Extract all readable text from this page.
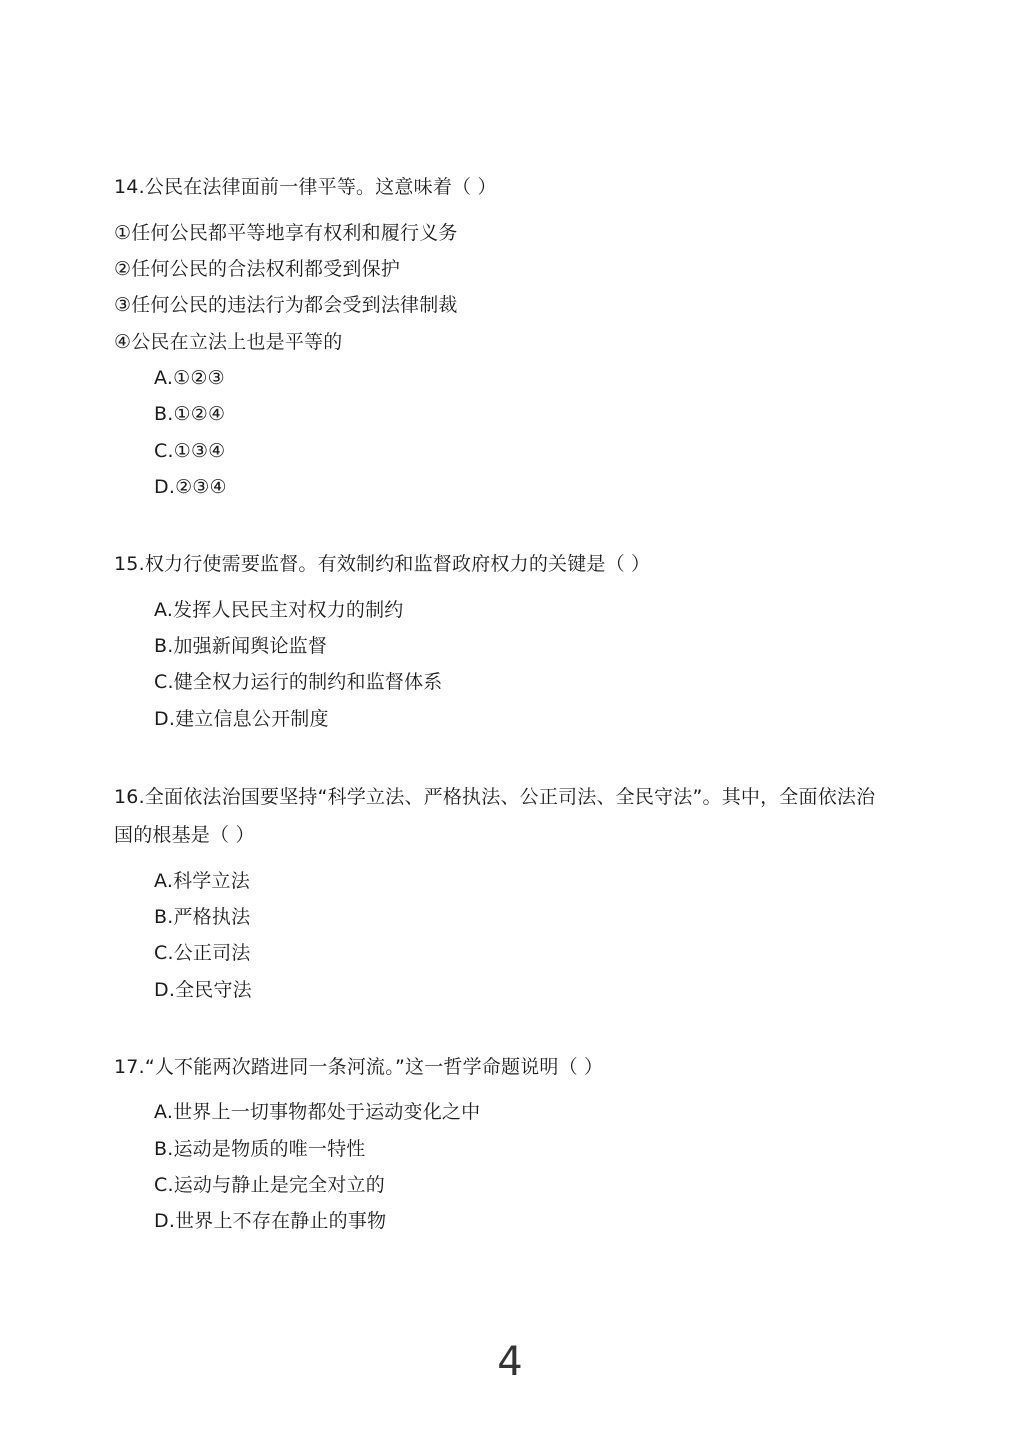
14.公民在法律面前一律平等。这意味着（ ）
①任何公民都平等地享有权利和履行义务
②任何公民的合法权利都受到保护
③任何公民的违法行为都会受到法律制裁
④公民在立法上也是平等的
A.①②③
B.①②④
C.①③④
D.②③④
15.权力行使需要监督。有效制约和监督政府权力的关键是（ ）
A.发挥人民民主对权力的制约
B.加强新闻舆论监督
C.健全权力运行的制约和监督体系
D.建立信息公开制度
16.全面依法治国要坚持“科学立法、严格执法、公正司法、全民守法”。其中，全面依法治
国的根基是（ ）
A.科学立法
B.严格执法
C.公正司法
D.全民守法
17.“人不能两次踏进同一条河流。”这一哲学命题说明（ ）
A.世界上一切事物都处于运动变化之中
B.运动是物质的唯一特性
C.运动与静止是完全对立的
D.世界上不存在静止的事物
4
